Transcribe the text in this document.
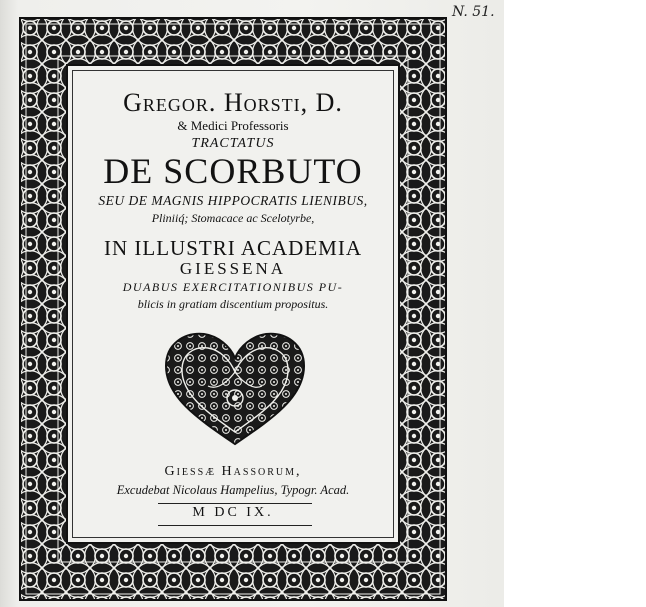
N. 51.
Gregor. Horsti, D.
& Medici Professoris
TRACTATUS
DE SCORBUTO
SEU DE MAGNIS HIPPOCRATIS LIENIBUS,
Pliniiq́; Stomacace ac Scelotyrbe,
IN ILLUSTRI ACADEMIA
GIESSENA
DUABUS EXERCITATIONIBUS PU-
blicis in gratiam discentium propositus.
Giessæ Hassorum,
Excudebat Nicolaus Hampelius, Typogr. Acad.
M DC IX.
